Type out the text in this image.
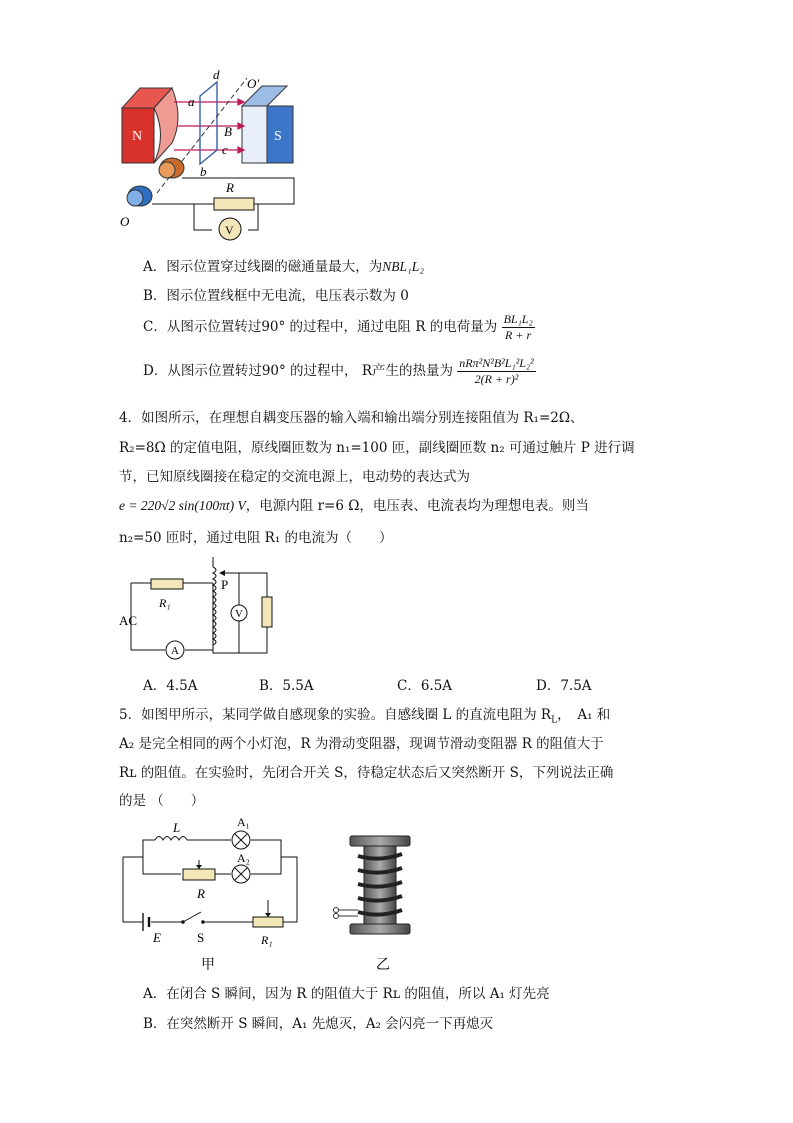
N	S
d
O′
a
B
c
b
R
V
O
A．图示位置穿过线圈的磁通量最大，为NBL₁L₂
B．图示位置线框中无电流，电压表示数为 0
C．从图示位置转过90° 的过程中，通过电阻 R 的电荷量为 $\frac{\text{BL₁L₂}}{R + r}$
D．从图示位置转过90° 的过程中， R产生的热量为 $\frac{\text{nRπ²N²B²L₁²L₂²}}{\text{2(R + r)²}}$
4．如图所示，在理想自耦变压器的输入端和输出端分别连接阻值为 R₁=2Ω、
R₂=8Ω 的定值电阻，原线圈匝数为 n₁=100 匝，副线圈匝数 n₂ 可通过触片 P 进行调
节，已知原线圈接在稳定的交流电源上，电动势的表达式为
e = 220√2 sin(100πt) V，电源内阻 r=6 Ω，电压表、电流表均为理想电表。则当
n₂=50 匝时，通过电阻 R₁ 的电流为（　　）
P
R₁
AC	V
A
A．4.5A	B．5.5A	C．6.5A	D．7.5A
5．如图甲所示，某同学做自感现象的实验。自感线圈 L 的直流电阻为 $R_L$，　A₁ 和
A₂ 是完全相同的两个小灯泡，R 为滑动变阻器，现调节滑动变阻器 R 的阻值大于
Rʟ 的阻值。在实验时，先闭合开关 S，待稳定状态后又突然断开 S，下列说法正确
的是 （　　）
L	A₁
A₂
R
E	S	R₁
甲	乙
A．在闭合 S 瞬间，因为 R 的阻值大于 Rʟ 的阻值，所以 A₁ 灯先亮
B．在突然断开 S 瞬间，A₁ 先熄灭，A₂ 会闪亮一下再熄灭
